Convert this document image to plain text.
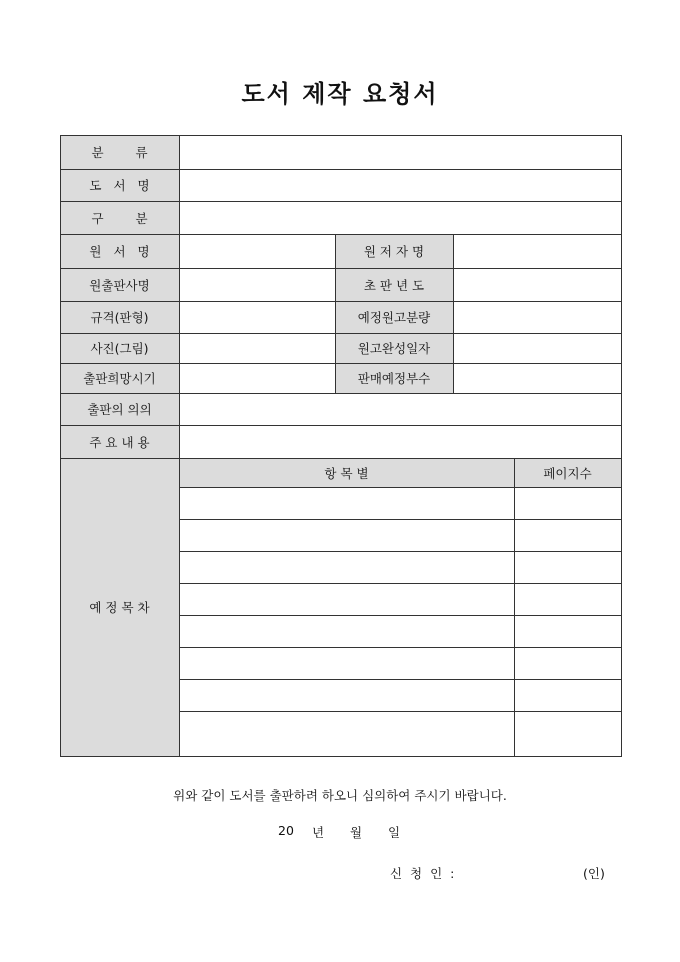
도서 제작 요청서
분 류
도 서 명
구 분
원 서 명
원출판사명
규격(판형)
사진(그림)
출판희망시기
출판의 의의
주 요 내 용
예 정 목 차
원 저 자 명
초 판 년 도
예정원고분량
원고완성일자
판매예정부수
항 목 별	페이지수
위와 같이 도서를 출판하려 하오니 심의하여 주시기 바랍니다.
20 년 월 일
신 청 인 :	(인)
